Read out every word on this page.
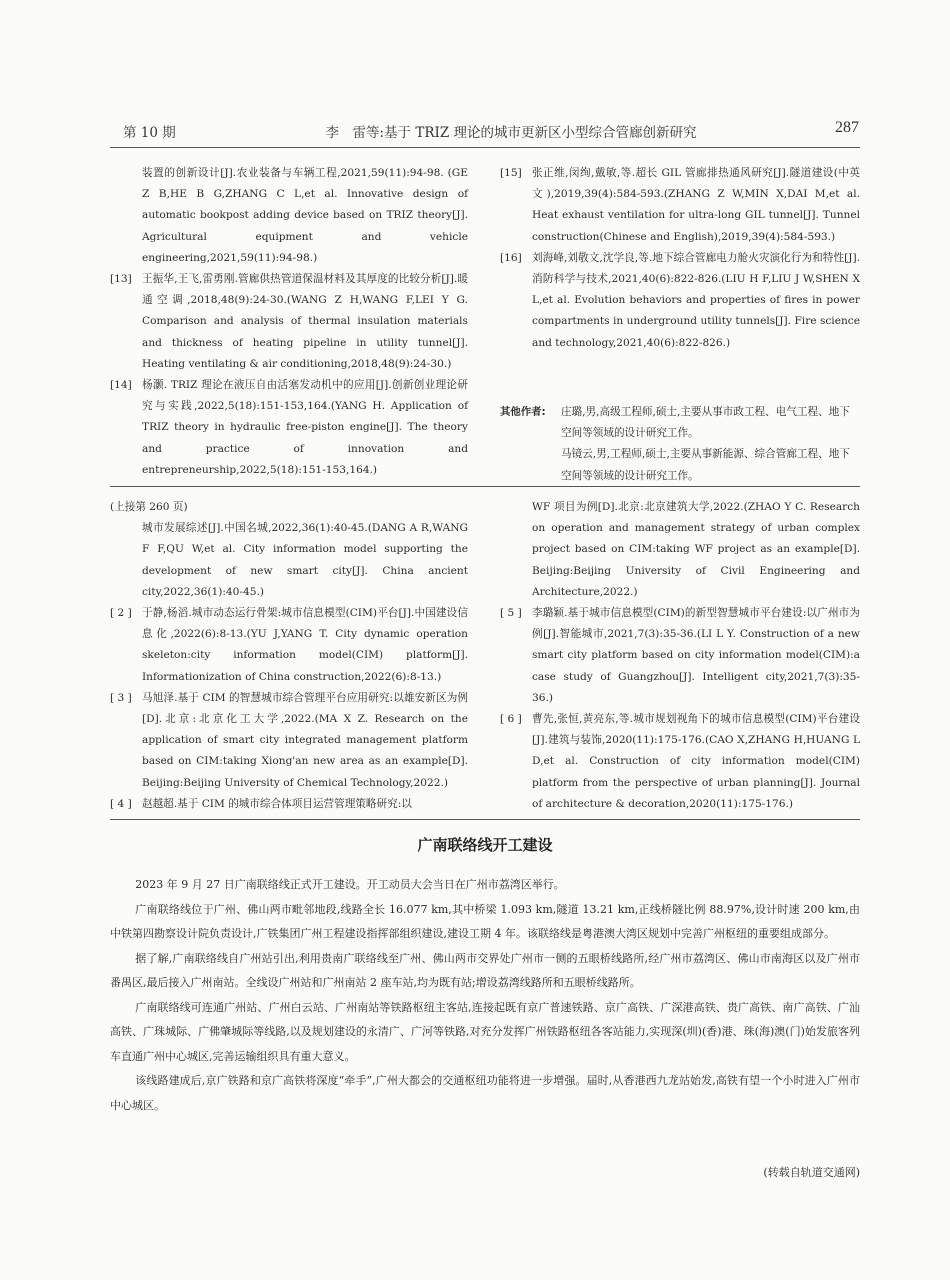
第 10 期	李　雷等:基于 TRIZ 理论的城市更新区小型综合管廊创新研究	287
装置的创新设计[J].农业装备与车辆工程,2021,59(11):94-98. (GE Z B,HE B G,ZHANG C L,et al. Innovative design of automatic bookpost adding device based on TRIZ theory[J]. Agricultural equipment and vehicle engineering,2021,59(11):94-98.)
[13] 王振华,王飞,雷勇刚.管廊供热管道保温材料及其厚度的比较分析[J].暖通空调,2018,48(9):24-30.(WANG Z H,WANG F,LEI Y G. Comparison and analysis of thermal insulation materials and thickness of heating pipeline in utility tunnel[J]. Heating ventilating & air conditioning,2018,48(9):24-30.)
[14] 杨灏. TRIZ 理论在液压自由活塞发动机中的应用[J].创新创业理论研究与实践,2022,5(18):151-153,164.(YANG H. Application of TRIZ theory in hydraulic free-piston engine[J]. The theory and practice of innovation and entrepreneurship,2022,5(18):151-153,164.)
[15] 张正维,闵绚,戴敏,等.超长 GIL 管廊排热通风研究[J].隧道建设(中英文),2019,39(4):584-593.(ZHANG Z W,MIN X,DAI M,et al. Heat exhaust ventilation for ultra-long GIL tunnel[J]. Tunnel construction(Chinese and English),2019,39(4):584-593.)
[16] 刘海峰,刘敬文,沈学良,等.地下综合管廊电力舱火灾演化行为和特性[J].消防科学与技术,2021,40(6):822-826.(LIU H F,LIU J W,SHEN X L,et al. Evolution behaviors and properties of fires in power compartments in underground utility tunnels[J]. Fire science and technology,2021,40(6):822-826.)
其他作者:	庄璐,男,高级工程师,硕士,主要从事市政工程、电气工程、地下空间等领域的设计研究工作。
马镜云,男,工程师,硕士,主要从事新能源、综合管廊工程、地下空间等领域的设计研究工作。
(上接第 260 页)
城市发展综述[J].中国名城,2022,36(1):40-45.(DANG A R,WANG F F,QU W,et al. City information model supporting the development of new smart city[J]. China ancient city,2022,36(1):40-45.)
[ 2 ] 于静,杨滔.城市动态运行骨架:城市信息模型(CIM)平台[J].中国建设信息化,2022(6):8-13.(YU J,YANG T. City dynamic operation skeleton:city information model(CIM) platform[J]. Informationization of China construction,2022(6):8-13.)
[ 3 ] 马旭泽.基于 CIM 的智慧城市综合管理平台应用研究:以雄安新区为例[D].北京:北京化工大学,2022.(MA X Z. Research on the application of smart city integrated management platform based on CIM:taking Xiong'an new area as an example[D]. Beijing:Beijing University of Chemical Technology,2022.)
[ 4 ] 赵越超.基于 CIM 的城市综合体项目运营管理策略研究:以
WF 项目为例[D].北京:北京建筑大学,2022.(ZHAO Y C. Research on operation and management strategy of urban complex project based on CIM:taking WF project as an example[D]. Beijing:Beijing University of Civil Engineering and Architecture,2022.)
[ 5 ] 李璐颖.基于城市信息模型(CIM)的新型智慧城市平台建设:以广州市为例[J].智能城市,2021,7(3):35-36.(LI L Y. Construction of a new smart city platform based on city information model(CIM):a case study of Guangzhou[J]. Intelligent city,2021,7(3):35-36.)
[ 6 ] 曹先,张恒,黄亮东,等.城市规划视角下的城市信息模型(CIM)平台建设[J].建筑与装饰,2020(11):175-176.(CAO X,ZHANG H,HUANG L D,et al. Construction of city information model(CIM) platform from the perspective of urban planning[J]. Journal of architecture & decoration,2020(11):175-176.)
广南联络线开工建设

2023 年 9 月 27 日广南联络线正式开工建设。开工动员大会当日在广州市荔湾区举行。

广南联络线位于广州、佛山两市毗邻地段,线路全长 16.077 km,其中桥梁 1.093 km,隧道 13.21 km,正线桥隧比例 88.97%,设计时速 200 km,由中铁第四勘察设计院负责设计,广铁集团广州工程建设指挥部组织建设,建设工期 4 年。该联络线是粤港澳大湾区规划中完善广州枢纽的重要组成部分。

据了解,广南联络线自广州站引出,利用贵南广联络线至广州、佛山两市交界处广州市一侧的五眼桥线路所,经广州市荔湾区、佛山市南海区以及广州市番禺区,最后接入广州南站。全线设广州站和广州南站 2 座车站,均为既有站;增设荔湾线路所和五眼桥线路所。

广南联络线可连通广州站、广州白云站、广州南站等铁路枢纽主客站,连接起既有京广普速铁路、京广高铁、广深港高铁、贵广高铁、南广高铁、广汕高铁、广珠城际、广佛肇城际等线路,以及规划建设的永清广、广河等铁路,对充分发挥广州铁路枢纽各客站能力,实现深(圳)(香)港、珠(海)澳(门)始发旅客列车直通广州中心城区,完善运输组织具有重大意义。

该线路建成后,京广铁路和京广高铁将深度“牵手”,广州大都会的交通枢纽功能将进一步增强。届时,从香港西九龙站始发,高铁有望一个小时进入广州市中心城区。

(转载自轨道交通网)
